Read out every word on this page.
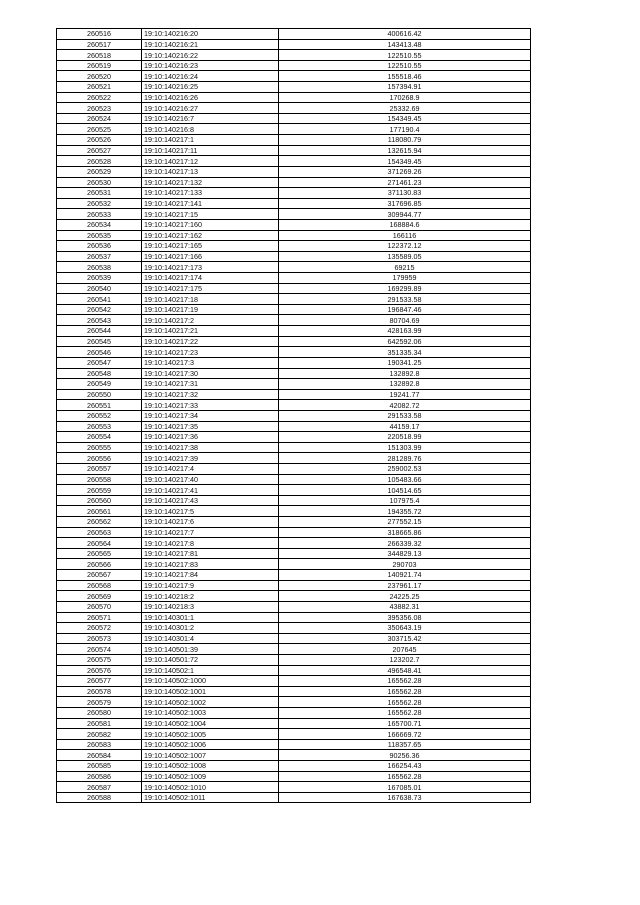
260516	19:10:140216:20	400616.42
260517	19:10:140216:21	143413.48
260518	19:10:140216:22	122510.55
260519	19:10:140216:23	122510.55
260520	19:10:140216:24	155518.46
260521	19:10:140216:25	157394.91
260522	19:10:140216:26	170268.9
260523	19:10:140216:27	25332.69
260524	19:10:140216:7	154349.45
260525	19:10:140216:8	177190.4
260526	19:10:140217:1	118080.79
260527	19:10:140217:11	132615.94
260528	19:10:140217:12	154349.45
260529	19:10:140217:13	371269.26
260530	19:10:140217:132	271461.23
260531	19:10:140217:133	371130.83
260532	19:10:140217:141	317696.85
260533	19:10:140217:15	309944.77
260534	19:10:140217:160	168884.6
260535	19:10:140217:162	166116
260536	19:10:140217:165	122372.12
260537	19:10:140217:166	135589.05
260538	19:10:140217:173	69215
260539	19:10:140217:174	179959
260540	19:10:140217:175	169299.89
260541	19:10:140217:18	291533.58
260542	19:10:140217:19	196847.46
260543	19:10:140217:2	80704.69
260544	19:10:140217:21	428163.99
260545	19:10:140217:22	642592.06
260546	19:10:140217:23	351335.34
260547	19:10:140217:3	190341.25
260548	19:10:140217:30	132892.8
260549	19:10:140217:31	132892.8
260550	19:10:140217:32	19241.77
260551	19:10:140217:33	42082.72
260552	19:10:140217:34	291533.58
260553	19:10:140217:35	44159.17
260554	19:10:140217:36	220518.99
260555	19:10:140217:38	151303.99
260556	19:10:140217:39	281289.76
260557	19:10:140217:4	259002.53
260558	19:10:140217:40	105483.66
260559	19:10:140217:41	104514.65
260560	19:10:140217:43	107975.4
260561	19:10:140217:5	194355.72
260562	19:10:140217:6	277552.15
260563	19:10:140217:7	318665.86
260564	19:10:140217:8	266339.32
260565	19:10:140217:81	344829.13
260566	19:10:140217:83	290703
260567	19:10:140217:84	140921.74
260568	19:10:140217:9	237961.17
260569	19:10:140218:2	24225.25
260570	19:10:140218:3	43882.31
260571	19:10:140301:1	395356.08
260572	19:10:140301:2	350643.19
260573	19:10:140301:4	303715.42
260574	19:10:140501:39	207645
260575	19:10:140501:72	123202.7
260576	19:10:140502:1	496548.41
260577	19:10:140502:1000	165562.28
260578	19:10:140502:1001	165562.28
260579	19:10:140502:1002	165562.28
260580	19:10:140502:1003	165562.28
260581	19:10:140502:1004	165700.71
260582	19:10:140502:1005	166669.72
260583	19:10:140502:1006	118357.65
260584	19:10:140502:1007	90256.36
260585	19:10:140502:1008	166254.43
260586	19:10:140502:1009	165562.28
260587	19:10:140502:1010	167085.01
260588	19:10:140502:1011	167638.73
